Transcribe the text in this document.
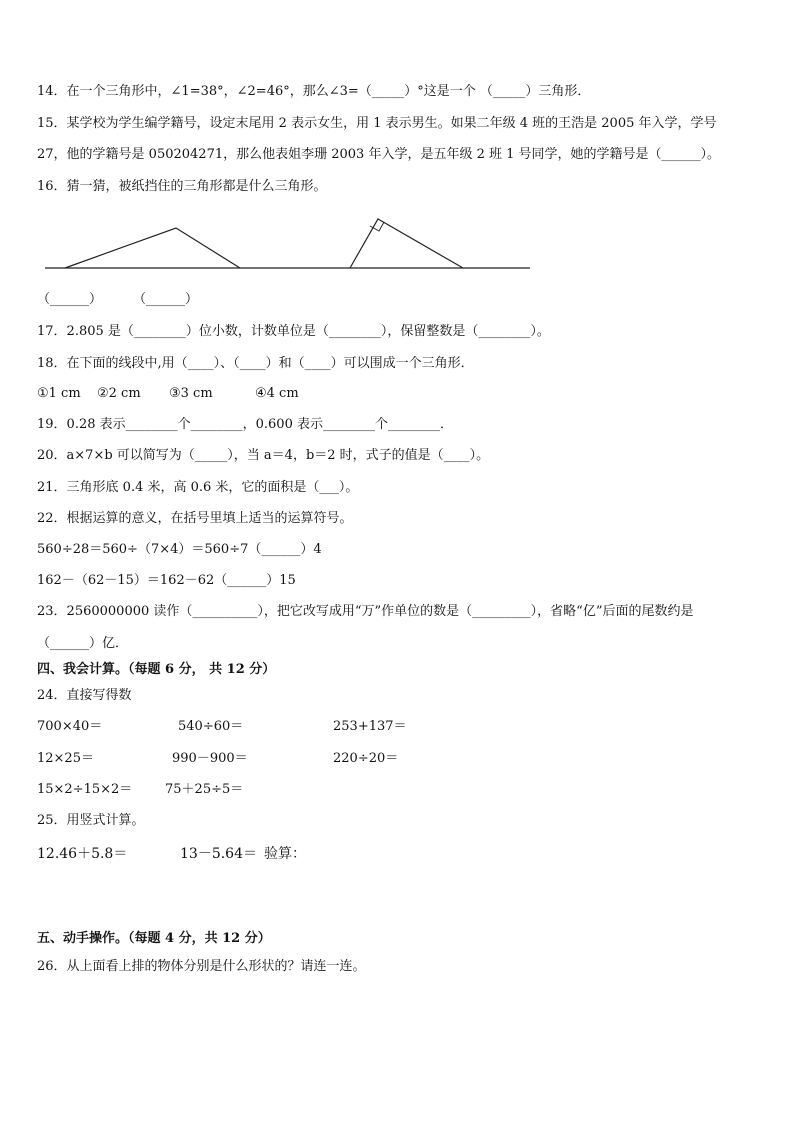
14．在一个三角形中，∠1=38°，∠2=46°，那么∠3=（_____）°这是一个 （_____）三角形．
15．某学校为学生编学籍号，设定末尾用 2 表示女生，用 1 表示男生。如果二年级 4 班的王浩是 2005 年入学，学号
27，他的学籍号是 050204271，那么他表姐李珊 2003 年入学，是五年级 2 班 1 号同学，她的学籍号是（______）。
16．猜一猜，被纸挡住的三角形都是什么三角形。
（______） （______）
17．2.805 是（________）位小数，计数单位是（________），保留整数是（________）。
18．在下面的线段中,用（____）、（____）和（____）可以围成一个三角形．
①1 cm ②2 cm ③3 cm	④4 cm
19．0.28 表示________个________，0.600 表示________个________．
20．a×7×b 可以简写为（_____），当 a＝4，b＝2 时，式子的值是（____）。
21．三角形底 0.4 米，高 0.6 米，它的面积是（___）。
22．根据运算的意义，在括号里填上适当的运算符号。
560÷28＝560÷（7×4）＝560÷7（______）4
162－（62－15）＝162－62（______）15
23．2560000000 读作（__________），把它改写成用“万”作单位的数是（_________），省略“亿”后面的尾数约是
（______）亿．
四、我会计算。（每题 6 分， 共 12 分）
24．直接写得数
700×40＝	540÷60＝	253+137＝
12×25＝	990－900＝	220÷20＝
15×2÷15×2＝	75＋25÷5＝
25．用竖式计算。
12.46＋5.8＝	13－5.64＝ 验算：
五、动手操作。（每题 4 分，共 12 分）
26．从上面看上排的物体分别是什么形状的？请连一连。
